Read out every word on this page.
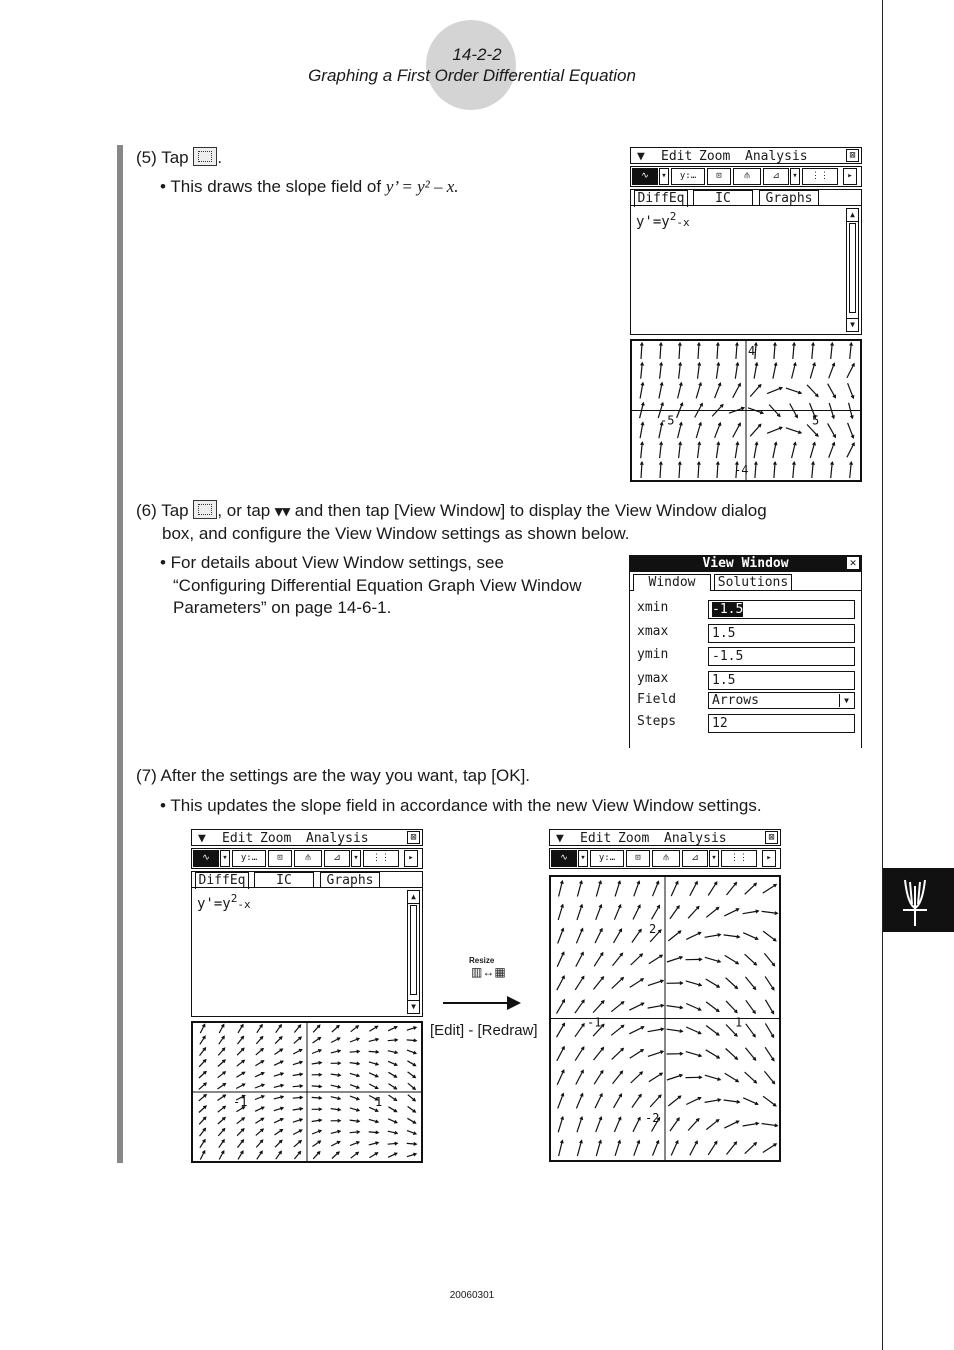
14-2-2
Graphing a First Order Differential Equation
(5) Tap .
• This draws the slope field of y’ = y² – x.
▼ Edit Zoom Analysis	⊠
∿	▾	y:…	⊡	⫛	⊿	▾	⋮⋮	▸
DiffEq	IC	Graphs
$y'=y^2-x$
▲
▼
4
-5	5
-4
(6) Tap , or tap ▾▾ and then tap [View Window] to display the View Window dialog
box, and configure the View Window settings as shown below.
• For details about View Window settings, see
“Configuring Differential Equation Graph View Window
Parameters” on page 14-6-1.
View Window	✕
Window	Solutions
xmin	-1.5
xmax	1.5
ymin	-1.5
ymax	1.5
Field	Arrows	▼
Steps	12
(7) After the settings are the way you want, tap [OK].
• This updates the slope field in accordance with the new View Window settings.
▼ Edit Zoom Analysis	⊠
∿	▾	y:…	⊡	⫛	⊿	▾	⋮⋮	▸
DiffEq	IC	Graphs
$y'=y^2-x$
▲
▼
-1	1
Resize
▥↔▦
[Edit] - [Redraw]
▼ Edit Zoom Analysis	⊠
∿	▾	y:…	⊡	⫛	⊿	▾	⋮⋮	▸
2
-1	1
-2
20060301
